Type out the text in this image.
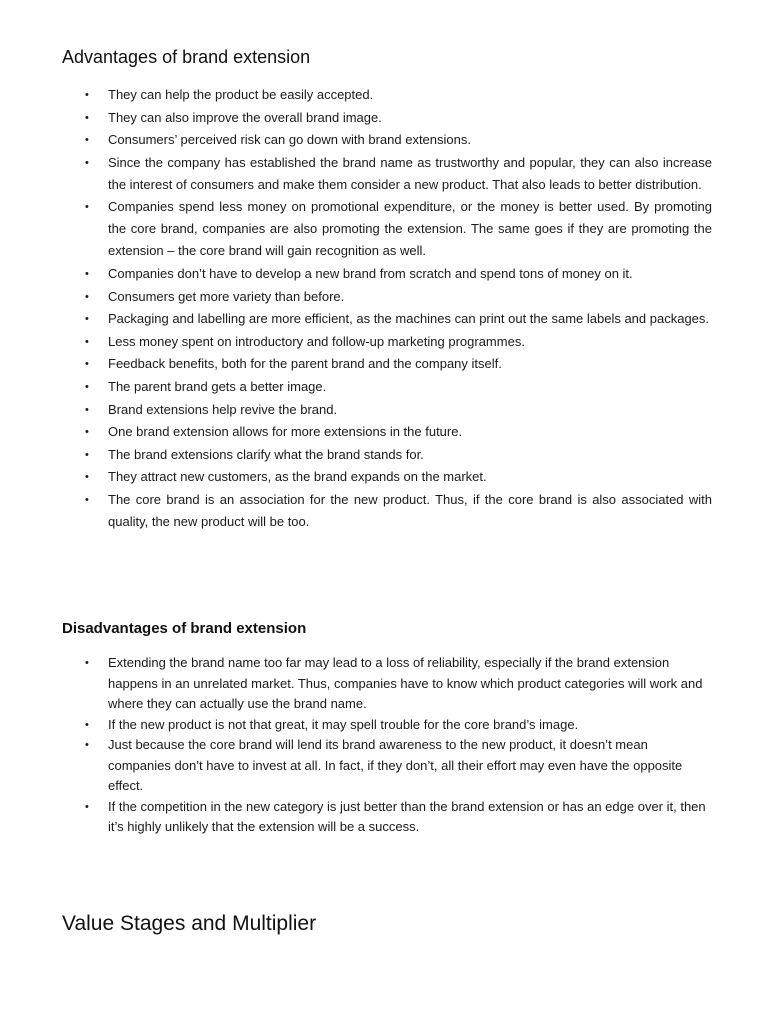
Advantages of brand extension
• They can help the product be easily accepted.
• They can also improve the overall brand image.
• Consumers’ perceived risk can go down with brand extensions.
• Since the company has established the brand name as trustworthy and popular, they can also increase the interest of consumers and make them consider a new product. That also leads to better distribution.
• Companies spend less money on promotional expenditure, or the money is better used. By promoting the core brand, companies are also promoting the extension. The same goes if they are promoting the extension – the core brand will gain recognition as well.
• Companies don’t have to develop a new brand from scratch and spend tons of money on it.
• Consumers get more variety than before.
• Packaging and labelling are more efficient, as the machines can print out the same labels and packages.
• Less money spent on introductory and follow-up marketing programmes.
• Feedback benefits, both for the parent brand and the company itself.
• The parent brand gets a better image.
• Brand extensions help revive the brand.
• One brand extension allows for more extensions in the future.
• The brand extensions clarify what the brand stands for.
• They attract new customers, as the brand expands on the market.
• The core brand is an association for the new product. Thus, if the core brand is also associated with quality, the new product will be too.
Disadvantages of brand extension
• Extending the brand name too far may lead to a loss of reliability, especially if the brand extension happens in an unrelated market. Thus, companies have to know which product categories will work and where they can actually use the brand name.
• If the new product is not that great, it may spell trouble for the core brand’s image.
• Just because the core brand will lend its brand awareness to the new product, it doesn’t mean companies don’t have to invest at all. In fact, if they don’t, all their effort may even have the opposite effect.
• If the competition in the new category is just better than the brand extension or has an edge over it, then it’s highly unlikely that the extension will be a success.
Value Stages and Multiplier
